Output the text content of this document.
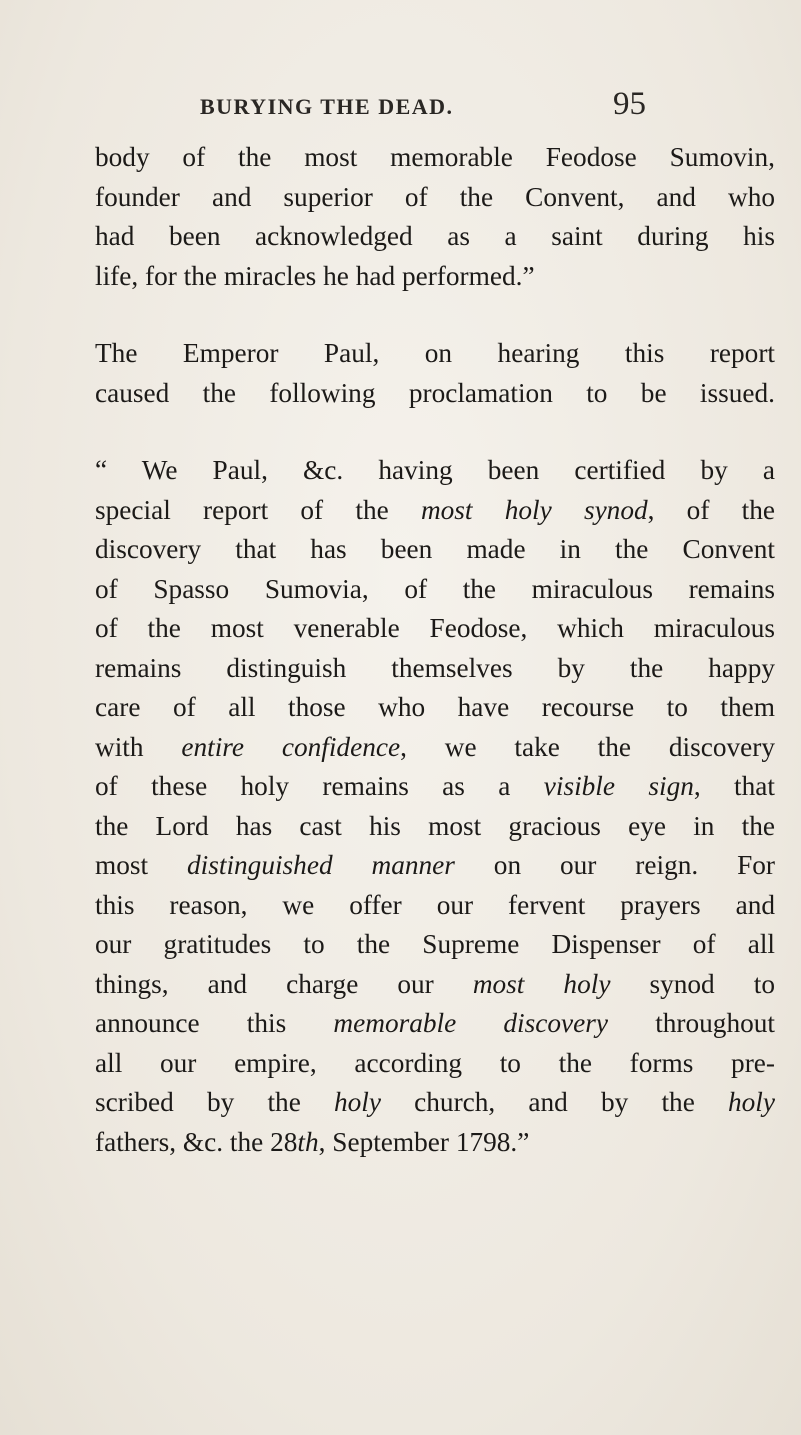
BURYING THE DEAD.	95
body of the most memorable Feodose Sumovin,
founder and superior of the Convent, and who
had been acknowledged as a saint during his
life, for the miracles he had performed.”
The Emperor Paul, on hearing this report
caused the following proclamation to be issued.
“ We Paul, &c. having been certified by a
special report of the most holy synod, of the
discovery that has been made in the Convent
of Spasso Sumovia, of the miraculous remains
of the most venerable Feodose, which miraculous
remains distinguish themselves by the happy
care of all those who have recourse to them
with entire confidence, we take the discovery
of these holy remains as a visible sign, that
the Lord has cast his most gracious eye in the
most distinguished manner on our reign. For
this reason, we offer our fervent prayers and
our gratitudes to the Supreme Dispenser of all
things, and charge our most holy synod to
announce this memorable discovery throughout
all our empire, according to the forms pre-
scribed by the holy church, and by the holy
fathers, &c. the 28th, September 1798.”
